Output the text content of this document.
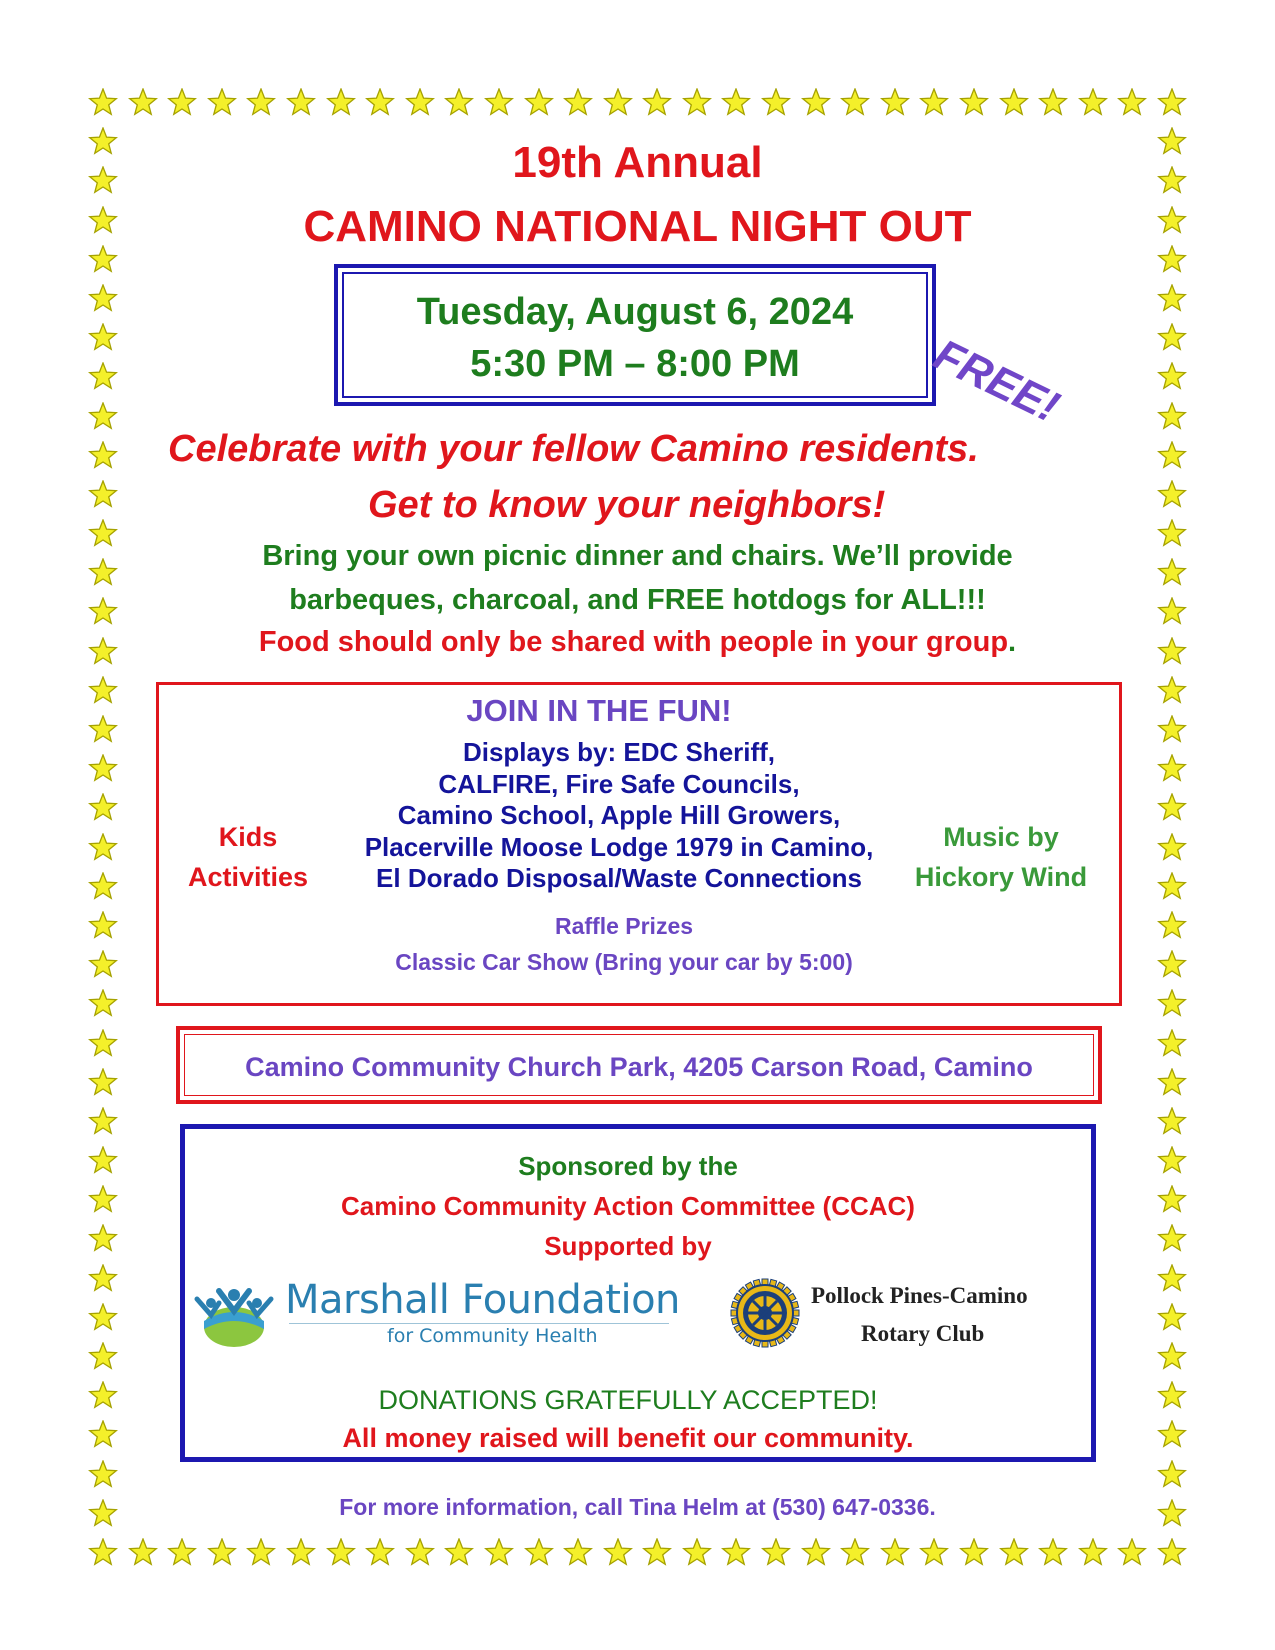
19th Annual
CAMINO NATIONAL NIGHT OUT
Tuesday, August 6, 2024
5:30 PM – 8:00 PM	FREE!
Celebrate with your fellow Camino residents.
Get to know your neighbors!
Bring your own picnic dinner and chairs. We’ll provide
barbeques, charcoal, and FREE hotdogs for ALL!!!
Food should only be shared with people in your group.
JOIN IN THE FUN!
Displays by: EDC Sheriff,
CALFIRE, Fire Safe Councils,
Camino School, Apple Hill Growers,
Placerville Moose Lodge 1979 in Camino,
El Dorado Disposal/Waste Connections
Kids
Activities
Music by
Hickory Wind
Raffle Prizes
Classic Car Show (Bring your car by 5:00)
Camino Community Church Park, 4205 Carson Road, Camino
Sponsored by the
Camino Community Action Committee (CCAC)
Supported by
Marshall Foundation
for Community Health
Pollock Pines-Camino
Rotary Club
DONATIONS GRATEFULLY ACCEPTED!
All money raised will benefit our community.
For more information, call Tina Helm at (530) 647-0336.
